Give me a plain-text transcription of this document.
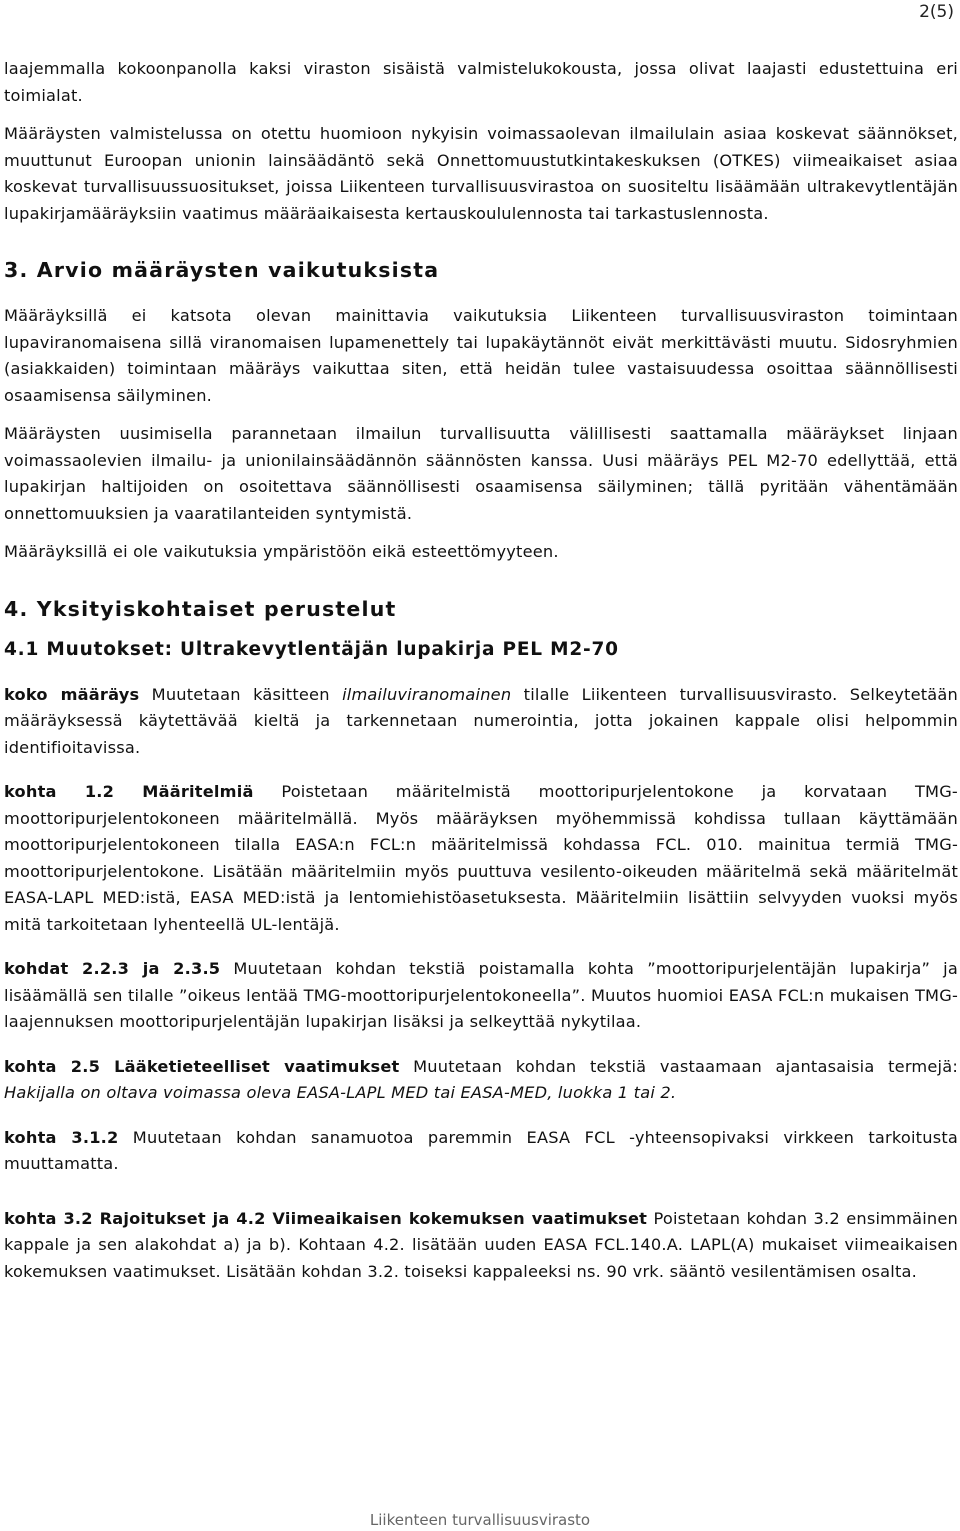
2(5)

laajemmalla kokoonpanolla kaksi viraston sisäistä valmistelukokousta, jossa olivat laajasti edustettuina eri toimialat.

Määräysten valmistelussa on otettu huomioon nykyisin voimassaolevan ilmailulain asiaa koskevat säännökset, muuttunut Euroopan unionin lainsäädäntö sekä Onnettomuustutkintakeskuksen (OTKES) viimeaikaiset asiaa koskevat turvallisuussuositukset, joissa Liikenteen turvallisuusvirastoa on suositeltu lisäämään ultrakevytlentäjän lupakirjamääräyksiin vaatimus määräaikaisesta kertauskoululennosta tai tarkastuslennosta.

3. Arvio määräysten vaikutuksista

Määräyksillä ei katsota olevan mainittavia vaikutuksia Liikenteen turvallisuusviraston toimintaan lupaviranomaisena sillä viranomaisen lupamenettely tai lupakäytännöt eivät merkittävästi muutu. Sidosryhmien (asiakkaiden) toimintaan määräys vaikuttaa siten, että heidän tulee vastaisuudessa osoittaa säännöllisesti osaamisensa säilyminen.

Määräysten uusimisella parannetaan ilmailun turvallisuutta välillisesti saattamalla määräykset linjaan voimassaolevien ilmailu- ja unionilainsäädännön säännösten kanssa. Uusi määräys PEL M2-70 edellyttää, että lupakirjan haltijoiden on osoitettava säännöllisesti osaamisensa säilyminen; tällä pyritään vähentämään onnettomuuksien ja vaaratilanteiden syntymistä.

Määräyksillä ei ole vaikutuksia ympäristöön eikä esteettömyyteen.

4. Yksityiskohtaiset perustelut
4.1 Muutokset: Ultrakevytlentäjän lupakirja PEL M2-70

koko määräys Muutetaan käsitteen ilmailuviranomainen tilalle Liikenteen turvallisuusvirasto. Selkeytetään määräyksessä käytettävää kieltä ja tarkennetaan numerointia, jotta jokainen kappale olisi helpommin identifioitavissa.

kohta 1.2 Määritelmiä Poistetaan määritelmistä moottoripurjelentokone ja korvataan TMG-moottoripurjelentokoneen määritelmällä. Myös määräyksen myöhemmissä kohdissa tullaan käyttämään moottoripurjelentokoneen tilalla EASA:n FCL:n määritelmissä kohdassa FCL. 010. mainitua termiä TMG-moottoripurjelentokone. Lisätään määritelmiin myös puuttuva vesilento-oikeuden määritelmä sekä määritelmät EASA-LAPL MED:istä, EASA MED:istä ja lentomiehistöasetuksesta. Määritelmiin lisättiin selvyyden vuoksi myös mitä tarkoitetaan lyhenteellä UL-lentäjä.

kohdat 2.2.3 ja 2.3.5 Muutetaan kohdan tekstiä poistamalla kohta ”moottoripurjelentäjän lupakirja” ja lisäämällä sen tilalle ”oikeus lentää TMG-moottoripurjelentokoneella”. Muutos huomioi EASA FCL:n mukaisen TMG-laajennuksen moottoripurjelentäjän lupakirjan lisäksi ja selkeyttää nykytilaa.

kohta 2.5 Lääketieteelliset vaatimukset Muutetaan kohdan tekstiä vastaamaan ajantasaisia termejä: Hakijalla on oltava voimassa oleva EASA-LAPL MED tai EASA-MED, luokka 1 tai 2.

kohta 3.1.2 Muutetaan kohdan sanamuotoa paremmin EASA FCL -yhteensopivaksi virkkeen tarkoitusta muuttamatta.

kohta 3.2 Rajoitukset ja 4.2 Viimeaikaisen kokemuksen vaatimukset Poistetaan kohdan 3.2 ensimmäinen kappale ja sen alakohdat a) ja b). Kohtaan 4.2. lisätään uuden EASA FCL.140.A. LAPL(A) mukaiset viimeaikaisen kokemuksen vaatimukset. Lisätään kohdan 3.2. toiseksi kappaleeksi ns. 90 vrk. sääntö vesilentämisen osalta.

Liikenteen turvallisuusvirasto
